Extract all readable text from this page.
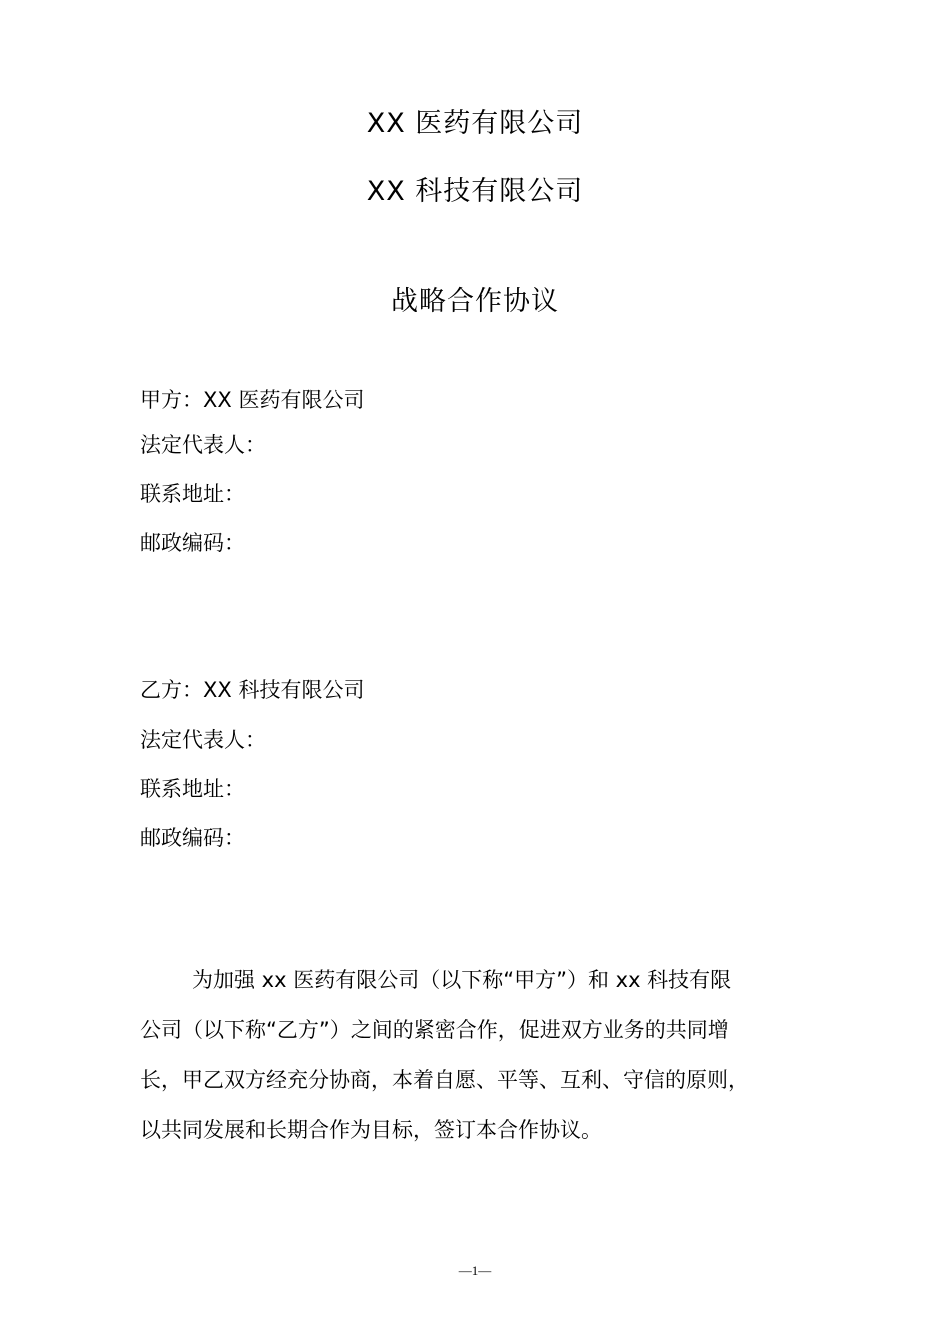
XX 医药有限公司
XX 科技有限公司
战略合作协议
甲方：XX 医药有限公司
法定代表人：
联系地址：
邮政编码：
乙方：XX 科技有限公司
法定代表人：
联系地址：
邮政编码：
为加强 xx 医药有限公司（以下称“甲方”）和 xx 科技有限
公司（以下称“乙方”）之间的紧密合作，促进双方业务的共同增
长，甲乙双方经充分协商，本着自愿、平等、互利、守信的原则，
以共同发展和长期合作为目标，签订本合作协议。
—1—
